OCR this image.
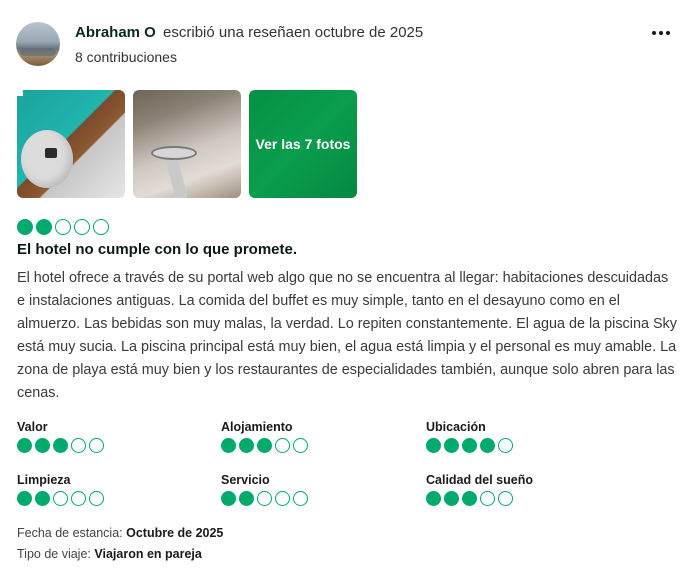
Abraham O escribió una reseñaen octubre de 2025
8 contribuciones
Ver las 7 fotos
El hotel no cumple con lo que promete.
El hotel ofrece a través de su portal web algo que no se encuentra al llegar: habitaciones descuidadas e instalaciones antiguas. La comida del buffet es muy simple, tanto en el desayuno como en el almuerzo. Las bebidas son muy malas, la verdad. Lo repiten constantemente. El agua de la piscina Sky está muy sucia. La piscina principal está muy bien, el agua está limpia y el personal es muy amable. La zona de playa está muy bien y los restaurantes de especialidades también, aunque solo abren para las cenas.
Valor	Alojamiento	Ubicación
Limpieza	Servicio	Calidad del sueño
Fecha de estancia: Octubre de 2025
Tipo de viaje: Viajaron en pareja
